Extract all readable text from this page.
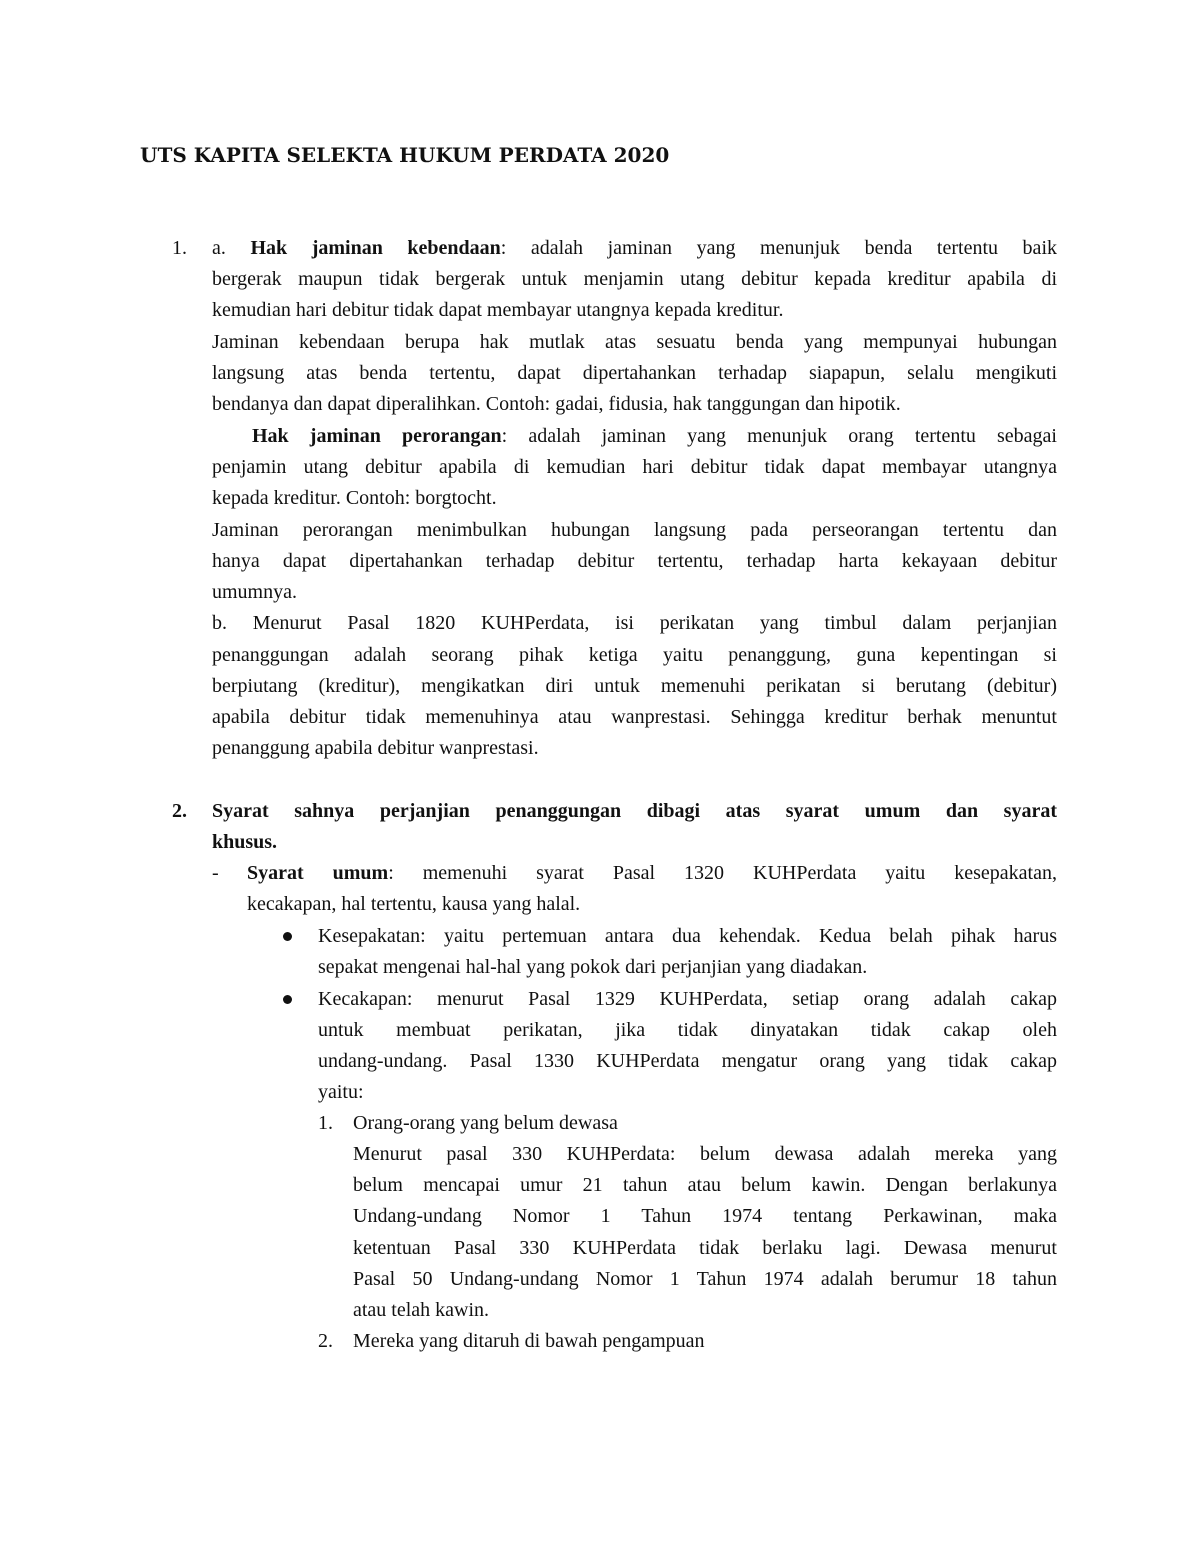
UTS KAPITA SELEKTA HUKUM PERDATA 2020
1. a. Hak jaminan kebendaan: adalah jaminan yang menunjuk benda tertentu baik
bergerak maupun tidak bergerak untuk menjamin utang debitur kepada kreditur apabila di
kemudian hari debitur tidak dapat membayar utangnya kepada kreditur.
Jaminan kebendaan berupa hak mutlak atas sesuatu benda yang mempunyai hubungan
langsung atas benda tertentu, dapat dipertahankan terhadap siapapun, selalu mengikuti
bendanya dan dapat diperalihkan. Contoh: gadai, fidusia, hak tanggungan dan hipotik.
Hak jaminan perorangan: adalah jaminan yang menunjuk orang tertentu sebagai
penjamin utang debitur apabila di kemudian hari debitur tidak dapat membayar utangnya
kepada kreditur. Contoh: borgtocht.
Jaminan perorangan menimbulkan hubungan langsung pada perseorangan tertentu dan
hanya dapat dipertahankan terhadap debitur tertentu, terhadap harta kekayaan debitur
umumnya.
b. Menurut Pasal 1820 KUHPerdata, isi perikatan yang timbul dalam perjanjian
penanggungan adalah seorang pihak ketiga yaitu penanggung, guna kepentingan si
berpiutang (kreditur), mengikatkan diri untuk memenuhi perikatan si berutang (debitur)
apabila debitur tidak memenuhinya atau wanprestasi. Sehingga kreditur berhak menuntut
penanggung apabila debitur wanprestasi.
2. Syarat sahnya perjanjian penanggungan dibagi atas syarat umum dan syarat
khusus.
- Syarat umum: memenuhi syarat Pasal 1320 KUHPerdata yaitu kesepakatan,
kecakapan, hal tertentu, kausa yang halal.
Kesepakatan: yaitu pertemuan antara dua kehendak. Kedua belah pihak harus
sepakat mengenai hal-hal yang pokok dari perjanjian yang diadakan.
Kecakapan: menurut Pasal 1329 KUHPerdata, setiap orang adalah cakap
untuk membuat perikatan, jika tidak dinyatakan tidak cakap oleh
undang-undang. Pasal 1330 KUHPerdata mengatur orang yang tidak cakap
yaitu:
1. Orang-orang yang belum dewasa
Menurut pasal 330 KUHPerdata: belum dewasa adalah mereka yang
belum mencapai umur 21 tahun atau belum kawin. Dengan berlakunya
Undang-undang Nomor 1 Tahun 1974 tentang Perkawinan, maka
ketentuan Pasal 330 KUHPerdata tidak berlaku lagi. Dewasa menurut
Pasal 50 Undang-undang Nomor 1 Tahun 1974 adalah berumur 18 tahun
atau telah kawin.
2. Mereka yang ditaruh di bawah pengampuan
